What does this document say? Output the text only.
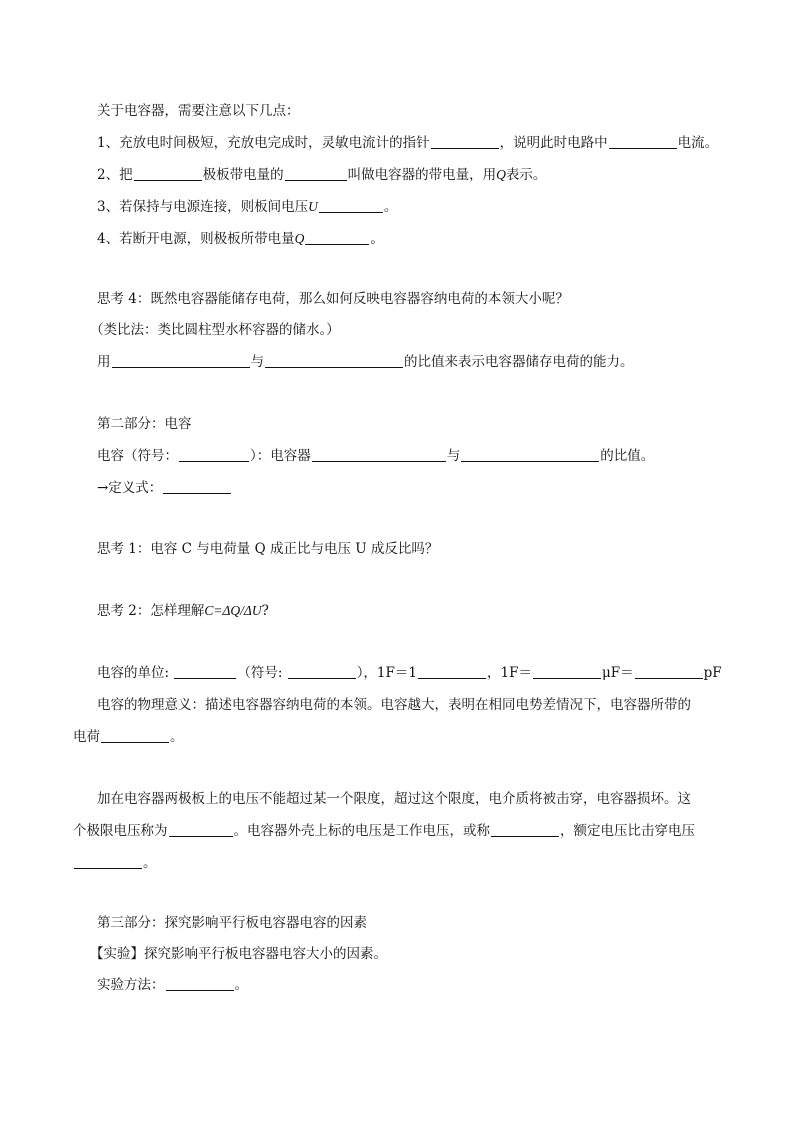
关于电容器，需要注意以下几点：
1、充放电时间极短，充放电完成时，灵敏电流计的指针	，说明此时电路中	电流。
2、把	极板带电量的	叫做电容器的带电量，用Q表示。
3、若保持与电源连接，则板间电压U	。
4、若断开电源，则极板所带电量Q	。
思考 4：既然电容器能储存电荷，那么如何反映电容器容纳电荷的本领大小呢？
（类比法：类比圆柱型水杯容器的储水。）
用	与	的比值来表示电容器储存电荷的能力。
第二部分：电容
电容（符号：	）：电容器	与	的比值。
→定义式：
思考 1：电容 C 与电荷量 Q 成正比与电压 U 成反比吗？
思考 2：怎样理解C=ΔQ/ΔU?
电容的单位:	（符号:	），1F＝1	，1F＝	μF＝	pF
电容的物理意义：描述电容器容纳电荷的本领。电容越大，表明在相同电势差情况下，电容器所带的
电荷	。
加在电容器两极板上的电压不能超过某一个限度，超过这个限度，电介质将被击穿，电容器损坏。这
个极限电压称为	。电容器外壳上标的电压是工作电压，或称	，额定电压比击穿电压
。
第三部分：探究影响平行板电容器电容的因素
【实验】探究影响平行板电容器电容大小的因素。
实验方法：	。
